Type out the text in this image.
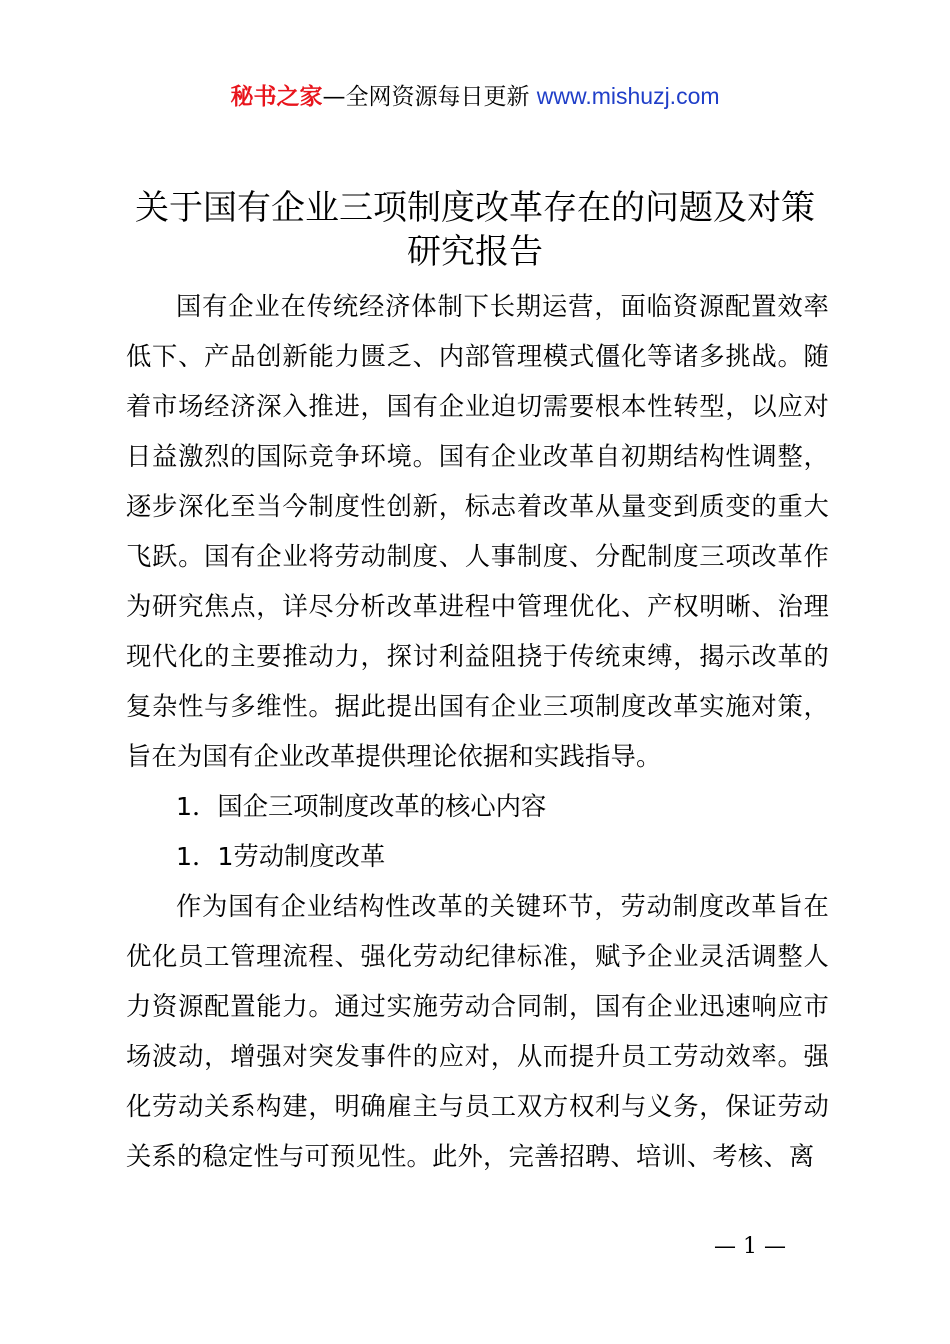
秘书之家—全网资源每日更新 www.mishuzj.com
关于国有企业三项制度改革存在的问题及对策研究报告

国有企业在传统经济体制下长期运营，面临资源配置效率低下、产品创新能力匮乏、内部管理模式僵化等诸多挑战。随着市场经济深入推进，国有企业迫切需要根本性转型，以应对日益激烈的国际竞争环境。国有企业改革自初期结构性调整，逐步深化至当今制度性创新，标志着改革从量变到质变的重大飞跃。国有企业将劳动制度、人事制度、分配制度三项改革作为研究焦点，详尽分析改革进程中管理优化、产权明晰、治理现代化的主要推动力，探讨利益阻挠于传统束缚，揭示改革的复杂性与多维性。据此提出国有企业三项制度改革实施对策，旨在为国有企业改革提供理论依据和实践指导。

1．国企三项制度改革的核心内容

1．1劳动制度改革

作为国有企业结构性改革的关键环节，劳动制度改革旨在优化员工管理流程、强化劳动纪律标准，赋予企业灵活调整人力资源配置能力。通过实施劳动合同制，国有企业迅速响应市场波动，增强对突发事件的应对，从而提升员工劳动效率。强化劳动关系构建，明确雇主与员工双方权利与义务，保证劳动关系的稳定性与可预见性。此外，完善招聘、培训、考核、离

— 1 —
